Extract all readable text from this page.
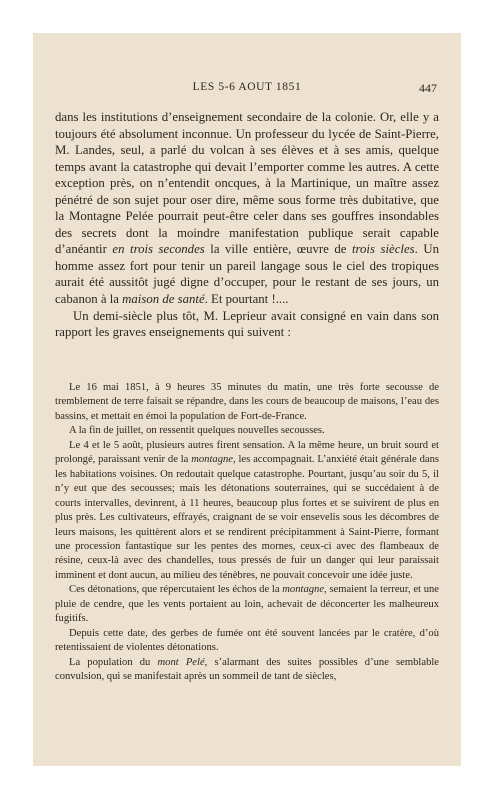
LES 5-6 AOUT 1851	447

dans les institutions d’enseignement secondaire de la colonie. Or, elle y a toujours été absolument inconnue. Un professeur du lycée de Saint-Pierre, M. Landes, seul, a parlé du volcan à ses élèves et à ses amis, quelque temps avant la catastrophe qui devait l’emporter comme les autres. A cette exception près, on n’entendit oncques, à la Martinique, un maître assez pénétré de son sujet pour oser dire, même sous forme très dubitative, que la Montagne Pelée pourrait peut-être celer dans ses gouffres insondables des secrets dont la moindre manifestation publique serait capable d’anéantir en trois secondes la ville entière, œuvre de trois siècles. Un homme assez fort pour tenir un pareil langage sous le ciel des tropiques aurait été aussitôt jugé digne d’occuper, pour le restant de ses jours, un cabanon à la maison de santé. Et pourtant !....

Un demi-siècle plus tôt, M. Leprieur avait consigné en vain dans son rapport les graves enseignements qui suivent :

Le 16 mai 1851, à 9 heures 35 minutes du matin, une très forte secousse de tremblement de terre faisait se répandre, dans les cours de beaucoup de maisons, l’eau des bassins, et mettait en émoi la population de Fort-de-France.

A la fin de juillet, on ressentit quelques nouvelles secousses.

Le 4 et le 5 août, plusieurs autres firent sensation. A la même heure, un bruit sourd et prolongé, paraissant venir de la montagne, les accompagnait. L’anxiété était générale dans les habitations voisines. On redoutait quelque catastrophe. Pourtant, jusqu’au soir du 5, il n’y eut que des secousses; mais les détonations souterraines, qui se succédaient à de courts intervalles, devinrent, à 11 heures, beaucoup plus fortes et se suivirent de plus en plus près. Les cultivateurs, effrayés, craignant de se voir ensevelis sous les décombres de leurs maisons, les quittèrent alors et se rendirent précipitamment à Saint-Pierre, formant une procession fantastique sur les pentes des mornes, ceux-ci avec des flambeaux de résine, ceux-là avec des chandelles, tous pressés de fuir un danger qui leur paraissait imminent et dont aucun, au milieu des ténèbres, ne pouvait concevoir une idée juste.

Ces détonations, que répercutaient les échos de la montagne, semaient la terreur, et une pluie de cendre, que les vents portaient au loin, achevait de déconcerter les malheureux fugitifs.

Depuis cette date, des gerbes de fumée ont été souvent lancées par le cratère, d’où retentissaient de violentes détonations.

La population du mont Pelé, s’alarmant des suites possibles d’une semblable convulsion, qui se manifestait après un sommeil de tant de siècles,
